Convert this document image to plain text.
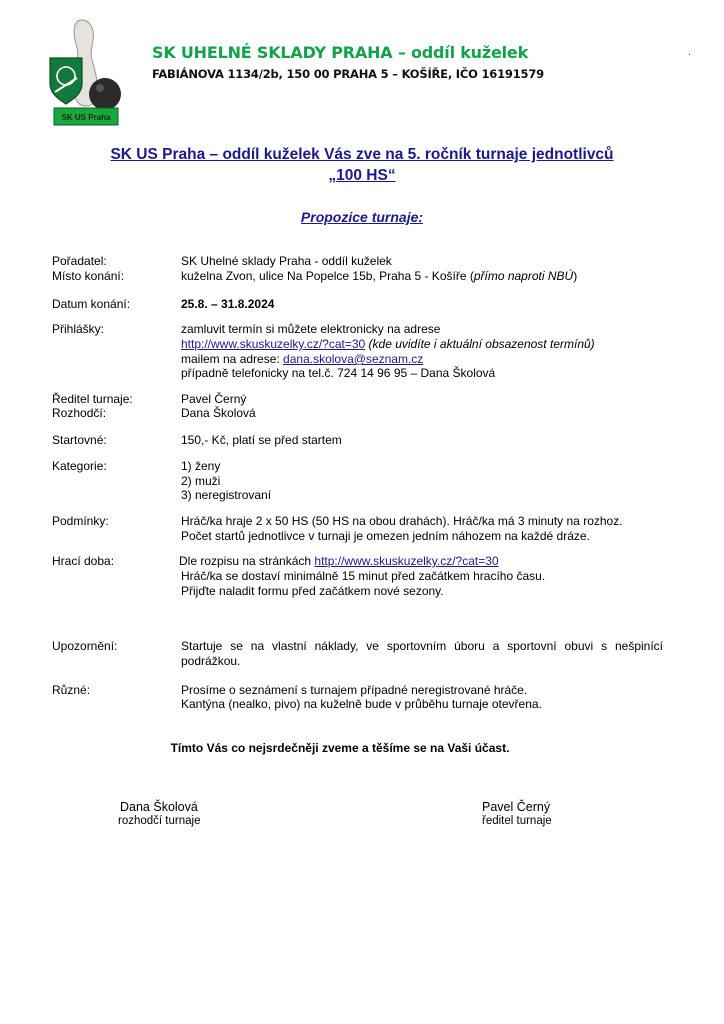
SK US Praha
SK UHELNÉ SKLADY PRAHA – oddíl kuželek
FABIÁNOVA 1134/2b, 150 00 PRAHA 5 – KOŠÍŘE, IČO 16191579
.
SK US Praha – oddíl kuželek Vás zve na 5. ročník turnaje jednotlivců
„100 HS“
Propozice turnaje:
Pořadatel:	SK Uhelné sklady Praha - oddíl kuželek
Místo konání:	kuželna Zvon, ulice Na Popelce 15b, Praha 5 - Košíře (přímo naproti NBÚ)
Datum konání:	25.8. – 31.8.2024
Přihlášky:	zamluvit termín si můžete elektronicky na adrese
http://www.skuskuzelky.cz/?cat=30 (kde uvidíte i aktuální obsazenost termínů)
mailem na adrese: dana.skolova@seznam.cz
případně telefonicky na tel.č. 724 14 96 95 – Dana Školová
Ředitel turnaje:	Pavel Černý
Rozhodčí:	Dana Školová
Startovné:	150,- Kč, platí se před startem
Kategorie:	1) ženy
2) muži
3) neregistrovaní
Podmínky:	Hráč/ka hraje 2 x 50 HS (50 HS na obou drahách). Hráč/ka má 3 minuty na rozhoz.
Počet startů jednotlivce v turnaji je omezen jedním náhozem na každé dráze.
Hrací doba:	Dle rozpisu na stránkách http://www.skuskuzelky.cz/?cat=30
Hráč/ka se dostaví minimálně 15 minut před začátkem hracího času.
Přijďte naladit formu před začátkem nové sezony.
Upozornění:	Startuje se na vlastní náklady, ve sportovním úboru a sportovní obuvi s nešpinící podrážkou.
Různé:	Prosíme o seznámení s turnajem případné neregistrované hráče.
Kantýna (nealko, pivo) na kuželně bude v průběhu turnaje otevřena.
Tímto Vás co nejsrdečněji zveme a těšíme se na Vaši účast.
Dana Školová
rozhodčí turnaje
Pavel Černý
ředitel turnaje
